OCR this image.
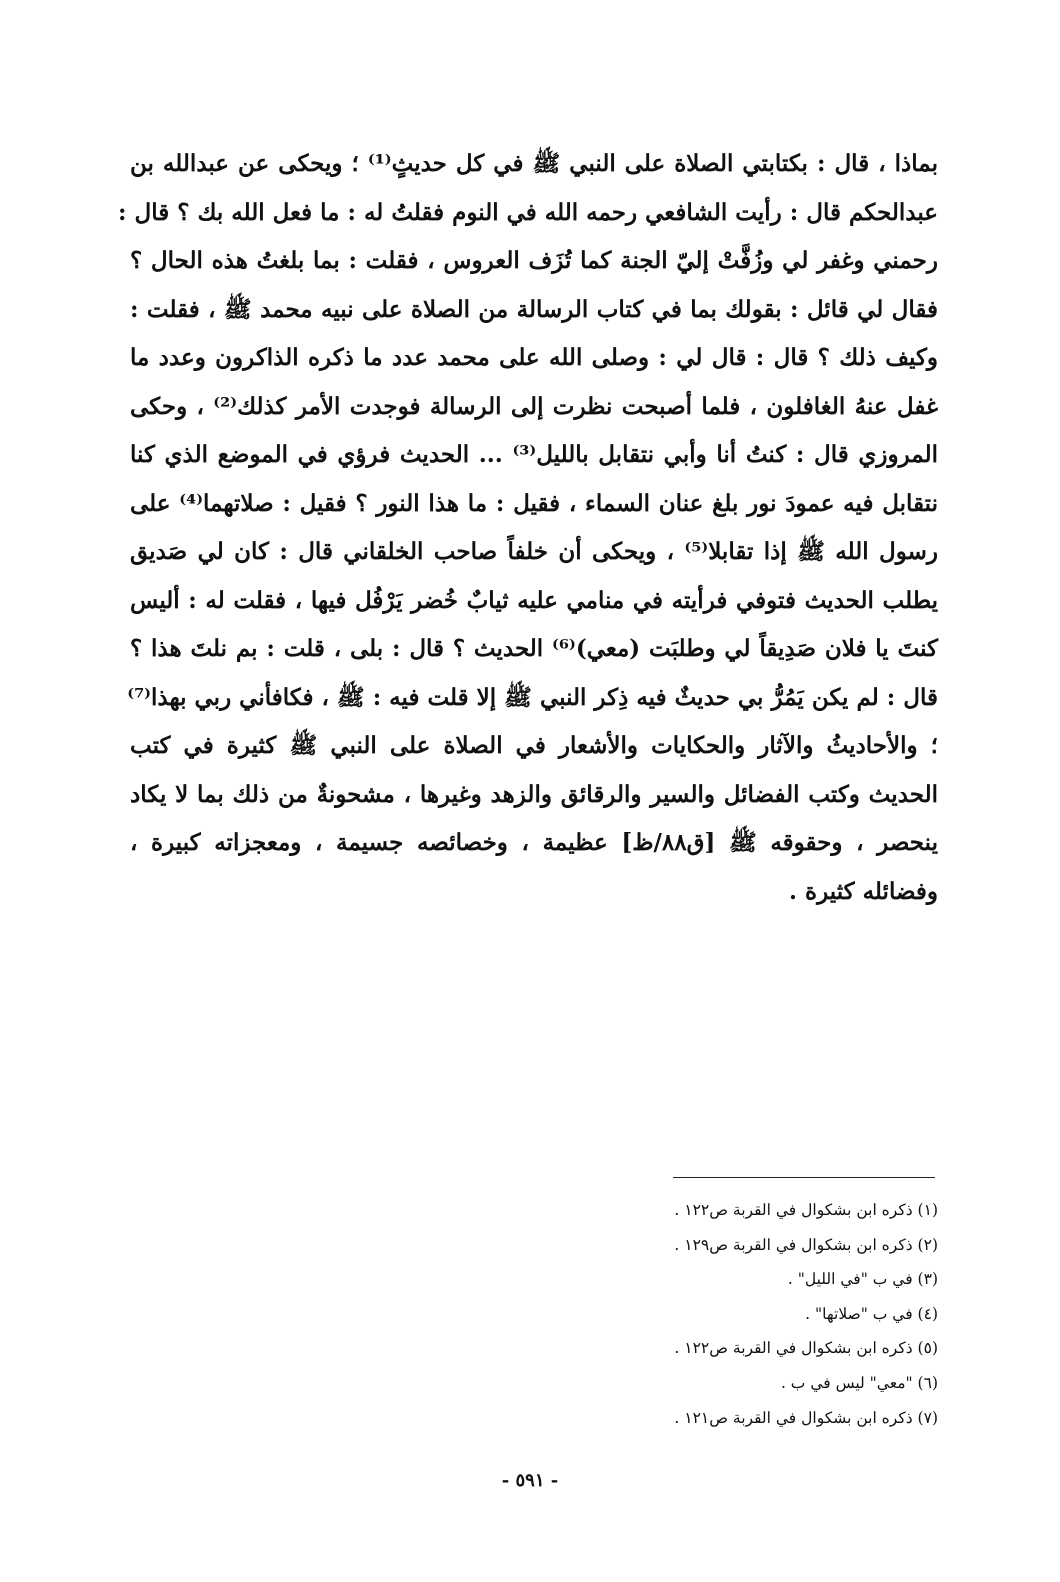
بماذا ، قال : بكتابتي الصلاة على النبي ﷺ في كل حديثٍ⁽¹⁾ ؛ ويحكى عن عبدالله بن
عبدالحكم قال : رأيت الشافعي رحمه الله في النوم فقلتُ له : ما فعل الله بك ؟ قال :
رحمني وغفر لي وزُفَّتْ إليّ الجنة كما تُزَف العروس ، فقلت : بما بلغتُ هذه الحال ؟
فقال لي قائل : بقولك بما في كتاب الرسالة من الصلاة على نبيه محمد ﷺ ، فقلت :
وكيف ذلك ؟ قال : قال لي : وصلى الله على محمد عدد ما ذكره الذاكرون وعدد ما
غفل عنهُ الغافلون ، فلما أصبحت نظرت إلى الرسالة فوجدت الأمر كذلك⁽²⁾ ، وحكى
المروزي قال : كنتُ أنا وأبي نتقابل بالليل⁽³⁾ ... الحديث فرؤي في الموضع الذي كنا
نتقابل فيه عمودَ نور بلغ عنان السماء ، فقيل : ما هذا النور ؟ فقيل : صلاتهما⁽⁴⁾ على
رسول الله ﷺ إذا تقابلا⁽⁵⁾ ، ويحكى أن خلفاً صاحب الخلقاني قال : كان لي صَديق
يطلب الحديث فتوفي فرأيته في منامي عليه ثيابٌ خُضر يَرْفُل فيها ، فقلت له : أليس
كنتَ يا فلان صَدِيقاً لي وطلبَت (معي)⁽⁶⁾ الحديث ؟ قال : بلى ، قلت : بم نلتَ هذا ؟
قال : لم يكن يَمُرُّ بي حديثٌ فيه ذِكر النبي ﷺ إلا قلت فيه : ﷺ ، فكافأني ربي بهذا⁽⁷⁾
؛ والأحاديثُ والآثار والحكايات والأشعار في الصلاة على النبي ﷺ كثيرة في كتب
الحديث وكتب الفضائل والسير والرقائق والزهد وغيرها ، مشحونةٌ من ذلك بما لا يكاد
ينحصر ، وحقوقه ﷺ [ق٨٨/ظ] عظيمة ، وخصائصه جسيمة ، ومعجزاته كبيرة ،
وفضائله كثيرة .
(١) ذكره ابن بشكوال في القربة ص١٢٢ .
(٢) ذكره ابن بشكوال في القربة ص١٢٩ .
(٣) في ب "في الليل" .
(٤) في ب "صلاتها" .
(٥) ذكره ابن بشكوال في القربة ص١٢٢ .
(٦) "معي" ليس في ب .
(٧) ذكره ابن بشكوال في القربة ص١٢١ .
- ٥٩١ -
